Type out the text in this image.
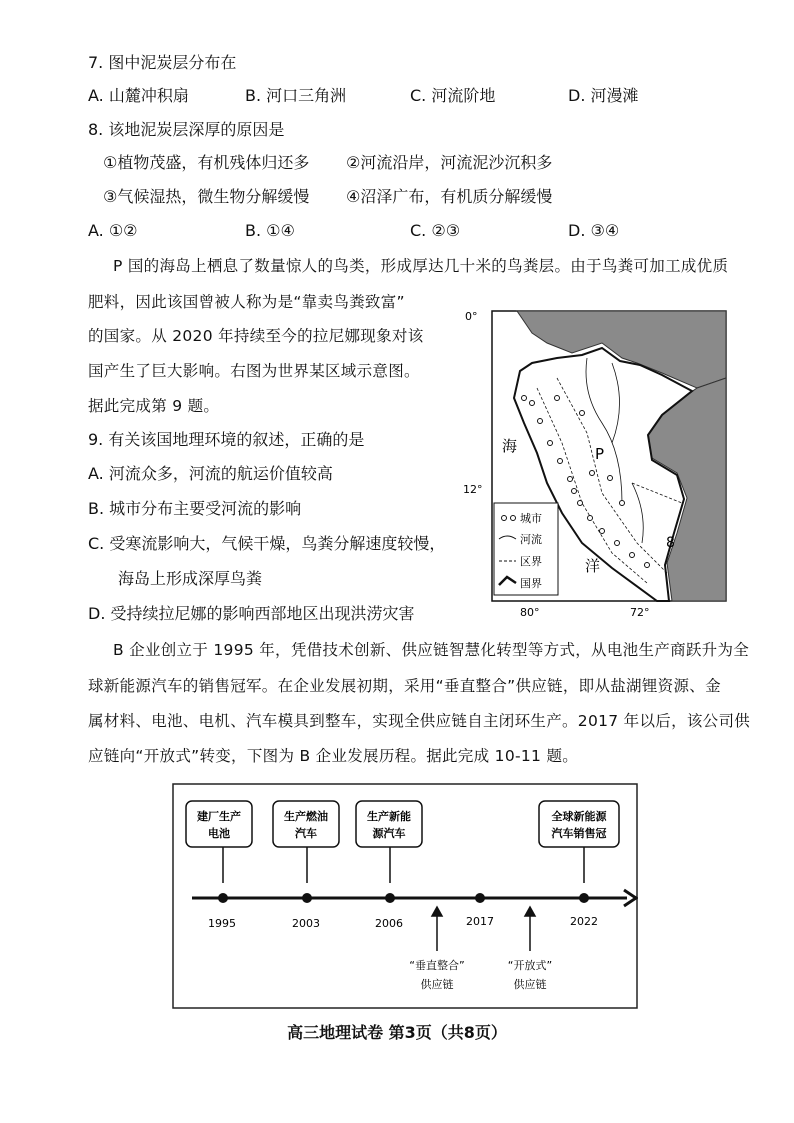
7. 图中泥炭层分布在
A. 山麓冲积扇	B. 河口三角洲	C. 河流阶地	D. 河漫滩
8. 该地泥炭层深厚的原因是
①植物茂盛，有机残体归还多 ②河流沿岸，河流泥沙沉积多
③气候湿热，微生物分解缓慢 ④沼泽广布，有机质分解缓慢
A. ①②	B. ①④	C. ②③	D. ③④
P 国的海岛上栖息了数量惊人的鸟类，形成厚达几十米的鸟粪层。由于鸟粪可加工成优质
肥料，因此该国曾被人称为是“靠卖鸟粪致富”
的国家。从 2020 年持续至今的拉尼娜现象对该
国产生了巨大影响。右图为世界某区域示意图。
据此完成第 9 题。
9. 有关该国地理环境的叙述，正确的是
A. 河流众多，河流的航运价值较高
B. 城市分布主要受河流的影响
C. 受寒流影响大，气候干燥，鸟粪分解速度较慢，
海岛上形成深厚鸟粪
D. 受持续拉尼娜的影响西部地区出现洪涝灾害
0°
12°
海
洋
P
8
城市
河流
区界
国界
80°	72°
B 企业创立于 1995 年，凭借技术创新、供应链智慧化转型等方式，从电池生产商跃升为全
球新能源汽车的销售冠军。在企业发展初期，采用“垂直整合”供应链，即从盐湖锂资源、金
属材料、电池、电机、汽车模具到整车，实现全供应链自主闭环生产。2017 年以后，该公司供
应链向“开放式”转变，下图为 B 企业发展历程。据此完成 10-11 题。
建厂生产
电池
生产燃油
汽车
生产新能
源汽车
全球新能源
汽车销售冠
1995	2003	2006	2017	2022
“垂直整合”
供应链
“开放式”
供应链
高三地理试卷 第3页（共8页）
